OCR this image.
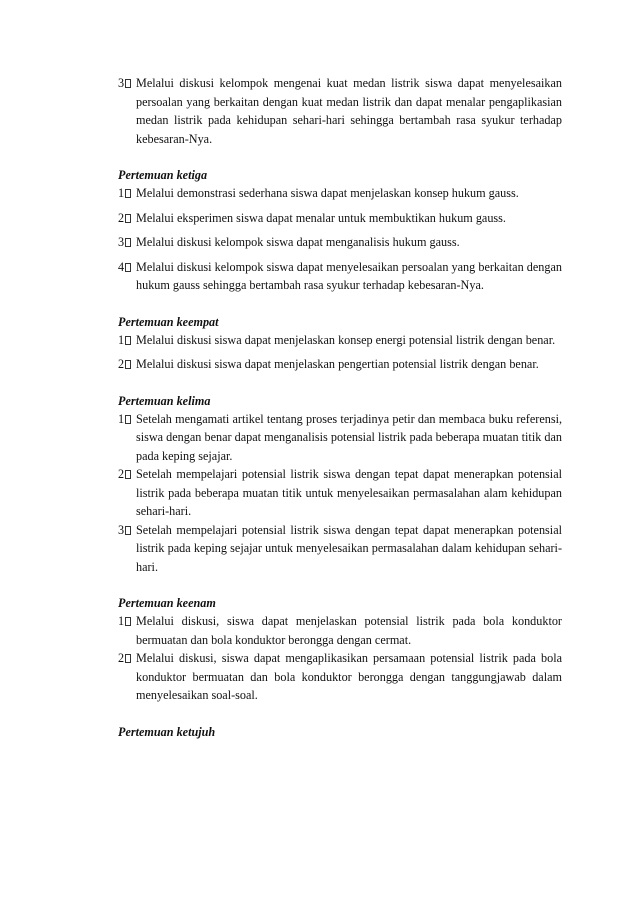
3 Melalui diskusi kelompok mengenai kuat medan listrik siswa dapat menyelesaikan persoalan yang berkaitan dengan kuat medan listrik dan dapat menalar pengaplikasian medan listrik pada kehidupan sehari-hari sehingga bertambah rasa syukur terhadap kebesaran-Nya.
Pertemuan ketiga
1 Melalui demonstrasi sederhana siswa dapat menjelaskan konsep hukum gauss.
2 Melalui eksperimen siswa dapat menalar untuk membuktikan hukum gauss.
3 Melalui diskusi kelompok siswa dapat menganalisis hukum gauss.
4 Melalui diskusi kelompok siswa dapat menyelesaikan persoalan yang berkaitan dengan hukum gauss sehingga bertambah rasa syukur terhadap kebesaran-Nya.
Pertemuan keempat
1 Melalui diskusi siswa dapat menjelaskan konsep energi potensial listrik dengan benar.
2 Melalui diskusi siswa dapat menjelaskan pengertian potensial listrik dengan benar.
Pertemuan kelima
1 Setelah mengamati artikel tentang proses terjadinya petir dan membaca buku referensi, siswa dengan benar dapat menganalisis potensial listrik pada beberapa muatan titik dan pada keping sejajar.
2 Setelah mempelajari potensial listrik siswa dengan tepat dapat menerapkan potensial listrik pada beberapa muatan titik untuk menyelesaikan permasalahan alam kehidupan sehari-hari.
3 Setelah mempelajari potensial listrik siswa dengan tepat dapat menerapkan potensial listrik pada keping sejajar untuk menyelesaikan permasalahan dalam kehidupan sehari-hari.
Pertemuan keenam
1 Melalui diskusi, siswa dapat menjelaskan potensial listrik pada bola konduktor bermuatan dan bola konduktor berongga dengan cermat.
2 Melalui diskusi, siswa dapat mengaplikasikan persamaan potensial listrik pada bola konduktor bermuatan dan bola konduktor berongga dengan tanggungjawab dalam menyelesaikan soal-soal.
Pertemuan ketujuh
